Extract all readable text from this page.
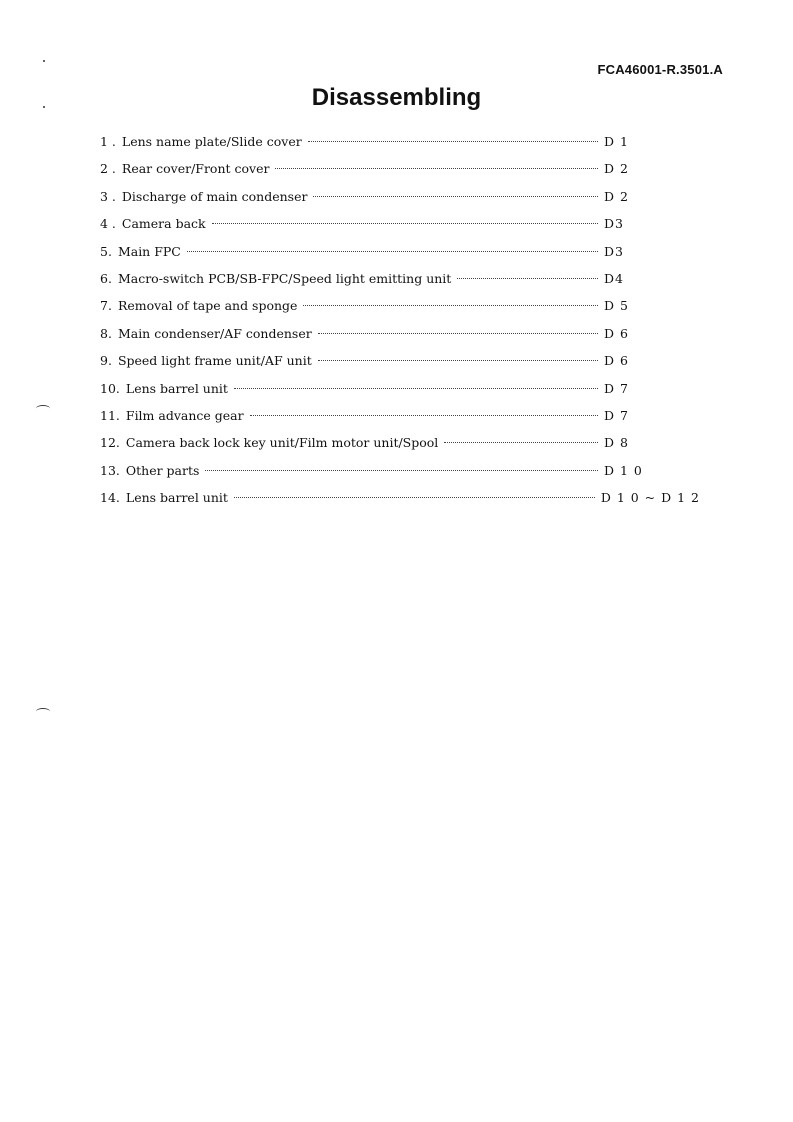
FCA46001-R.3501.A
Disassembling
1 . Lens name plate/Slide cover	D 1
2 . Rear cover/Front cover	D 2
3 . Discharge of main condenser	D 2
4 . Camera back	D3
5. Main FPC	D3
6. Macro-switch PCB/SB-FPC/Speed light emitting unit	D4
7. Removal of tape and sponge	D 5
8. Main condenser/AF condenser	D 6
9. Speed light frame unit/AF unit	D 6
10. Lens barrel unit	D 7
11. Film advance gear	D 7
12. Camera back lock key unit/Film motor unit/Spool	D 8
13. Other parts	D 1 0
14. Lens barrel unit	D 1 0 ~ D 1 2
